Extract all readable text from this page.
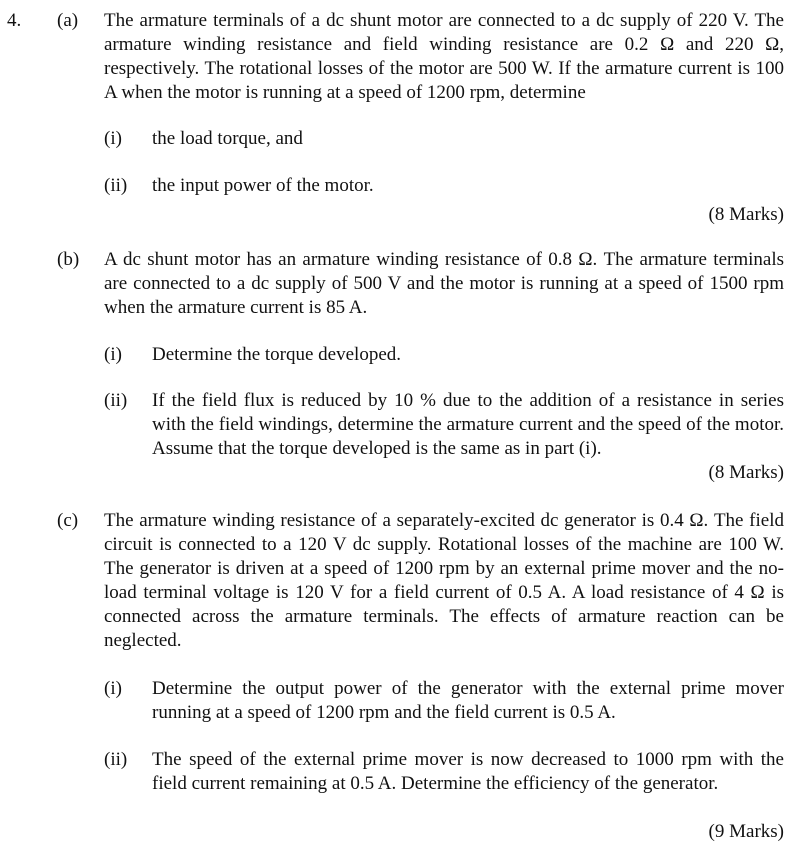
4. (a) The armature terminals of a dc shunt motor are connected to a dc supply of 220 V. The armature winding resistance and field winding resistance are 0.2 Ω and 220 Ω, respectively. The rotational losses of the motor are 500 W. If the armature current is 100 A when the motor is running at a speed of 1200 rpm, determine
(i) the load torque, and
(ii) the input power of the motor.
(8 Marks)
(b) A dc shunt motor has an armature winding resistance of 0.8 Ω. The armature terminals are connected to a dc supply of 500 V and the motor is running at a speed of 1500 rpm when the armature current is 85 A.
(i) Determine the torque developed.
(ii) If the field flux is reduced by 10 % due to the addition of a resistance in series with the field windings, determine the armature current and the speed of the motor. Assume that the torque developed is the same as in part (i).
(8 Marks)
(c) The armature winding resistance of a separately-excited dc generator is 0.4 Ω. The field circuit is connected to a 120 V dc supply. Rotational losses of the machine are 100 W. The generator is driven at a speed of 1200 rpm by an external prime mover and the no-load terminal voltage is 120 V for a field current of 0.5 A. A load resistance of 4 Ω is connected across the armature terminals. The effects of armature reaction can be neglected.
(i) Determine the output power of the generator with the external prime mover running at a speed of 1200 rpm and the field current is 0.5 A.
(ii) The speed of the external prime mover is now decreased to 1000 rpm with the field current remaining at 0.5 A. Determine the efficiency of the generator.
(9 Marks)
